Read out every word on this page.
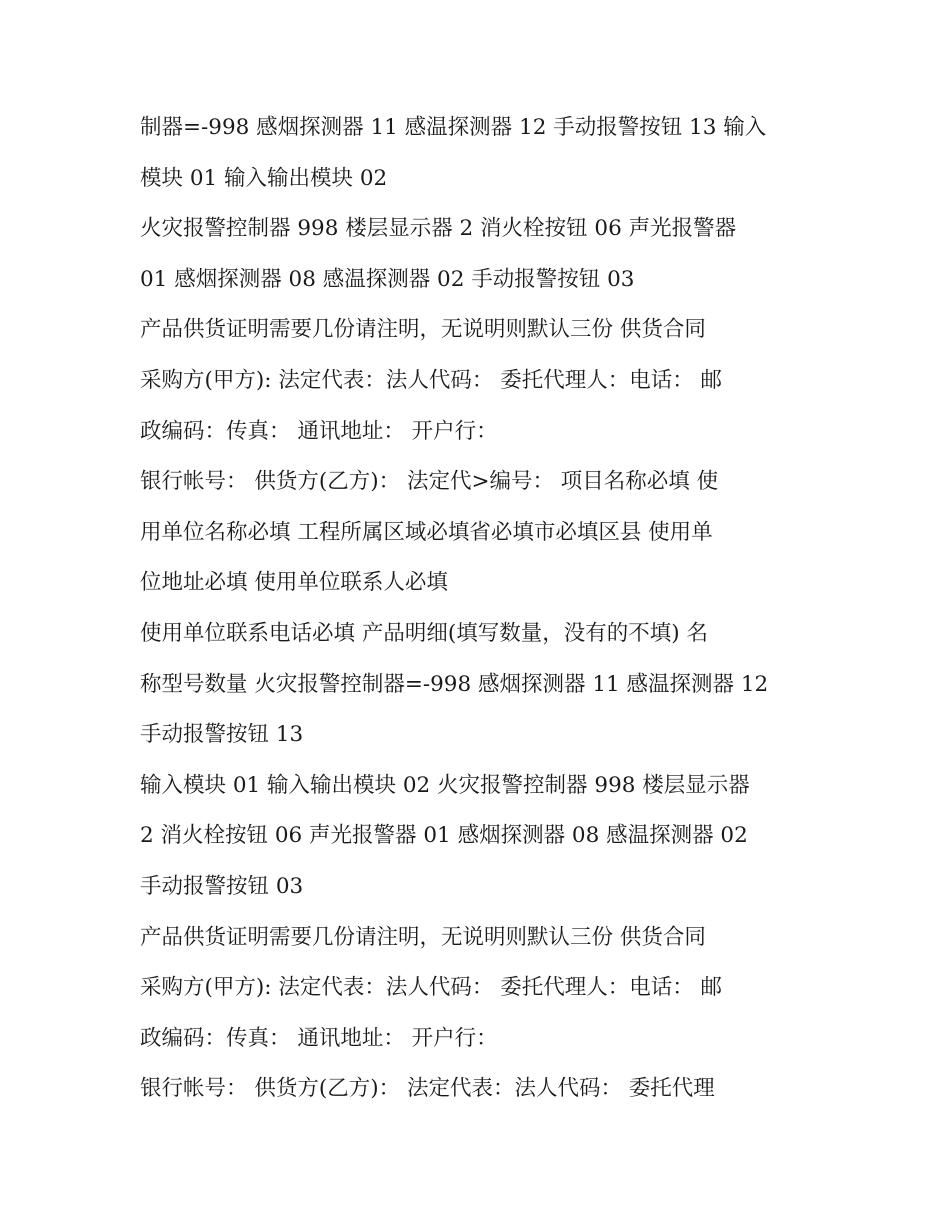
制器=-998 感烟探测器 11 感温探测器 12 手动报警按钮 13 输入
模块 01 输入输出模块 02
火灾报警控制器 998 楼层显示器 2 消火栓按钮 06 声光报警器
01 感烟探测器 08 感温探测器 02 手动报警按钮 03
产品供货证明需要几份请注明，无说明则默认三份 供货合同
采购方(甲方): 法定代表：法人代码： 委托代理人：电话： 邮
政编码：传真： 通讯地址： 开户行：
银行帐号： 供货方(乙方)： 法定代>编号： 项目名称必填 使
用单位名称必填 工程所属区域必填省必填市必填区县 使用单
位地址必填 使用单位联系人必填
使用单位联系电话必填 产品明细(填写数量，没有的不填) 名
称型号数量 火灾报警控制器=-998 感烟探测器 11 感温探测器 12
手动报警按钮 13
输入模块 01 输入输出模块 02 火灾报警控制器 998 楼层显示器
2 消火栓按钮 06 声光报警器 01 感烟探测器 08 感温探测器 02
手动报警按钮 03
产品供货证明需要几份请注明，无说明则默认三份 供货合同
采购方(甲方): 法定代表：法人代码： 委托代理人：电话： 邮
政编码：传真： 通讯地址： 开户行：
银行帐号： 供货方(乙方)： 法定代表：法人代码： 委托代理
